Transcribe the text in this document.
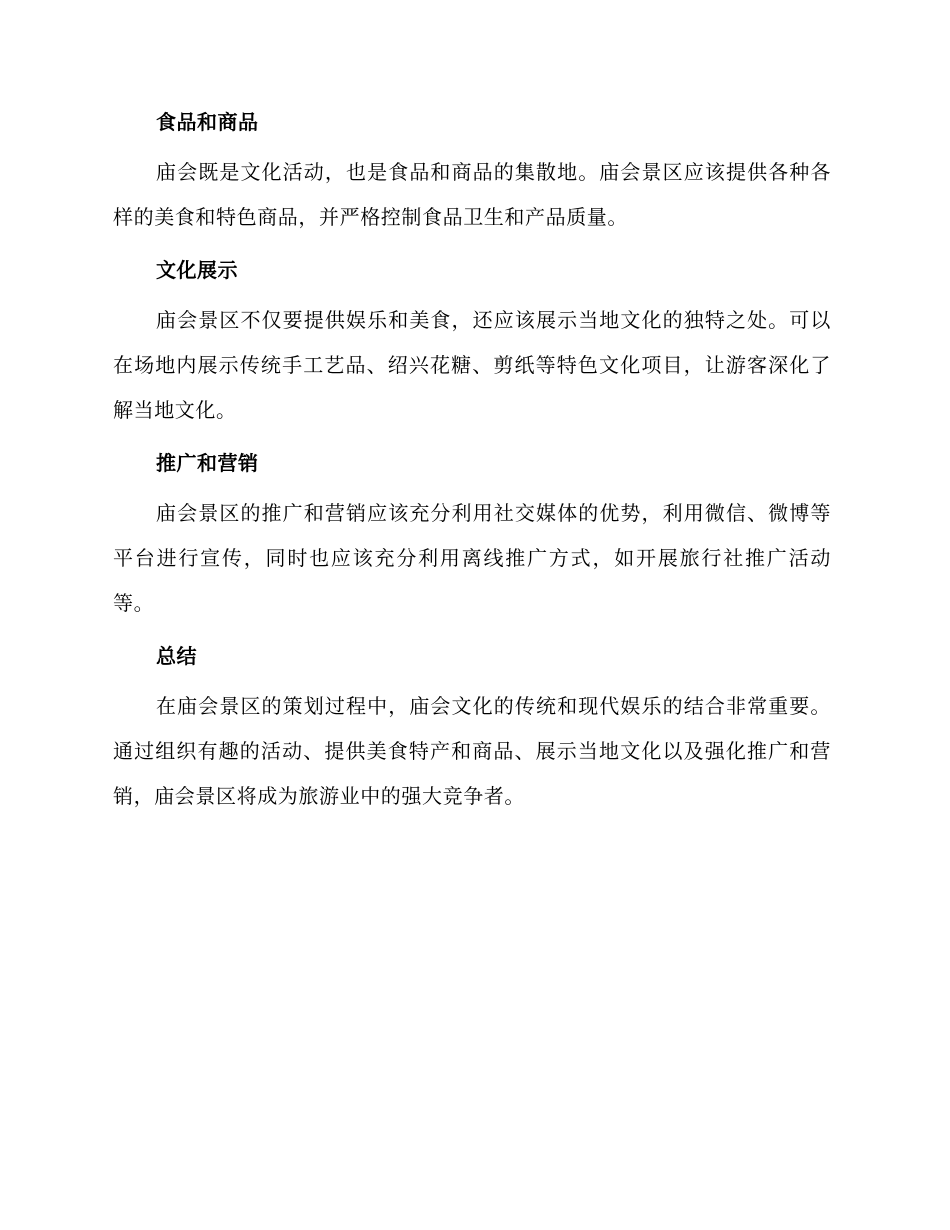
食品和商品

庙会既是文化活动，也是食品和商品的集散地。庙会景区应该提供各种各样的美食和特色商品，并严格控制食品卫生和产品质量。

文化展示

庙会景区不仅要提供娱乐和美食，还应该展示当地文化的独特之处。可以在场地内展示传统手工艺品、绍兴花糖、剪纸等特色文化项目，让游客深化了解当地文化。

推广和营销

庙会景区的推广和营销应该充分利用社交媒体的优势，利用微信、微博等平台进行宣传，同时也应该充分利用离线推广方式，如开展旅行社推广活动等。

总结

在庙会景区的策划过程中，庙会文化的传统和现代娱乐的结合非常重要。通过组织有趣的活动、提供美食特产和商品、展示当地文化以及强化推广和营销，庙会景区将成为旅游业中的强大竞争者。
